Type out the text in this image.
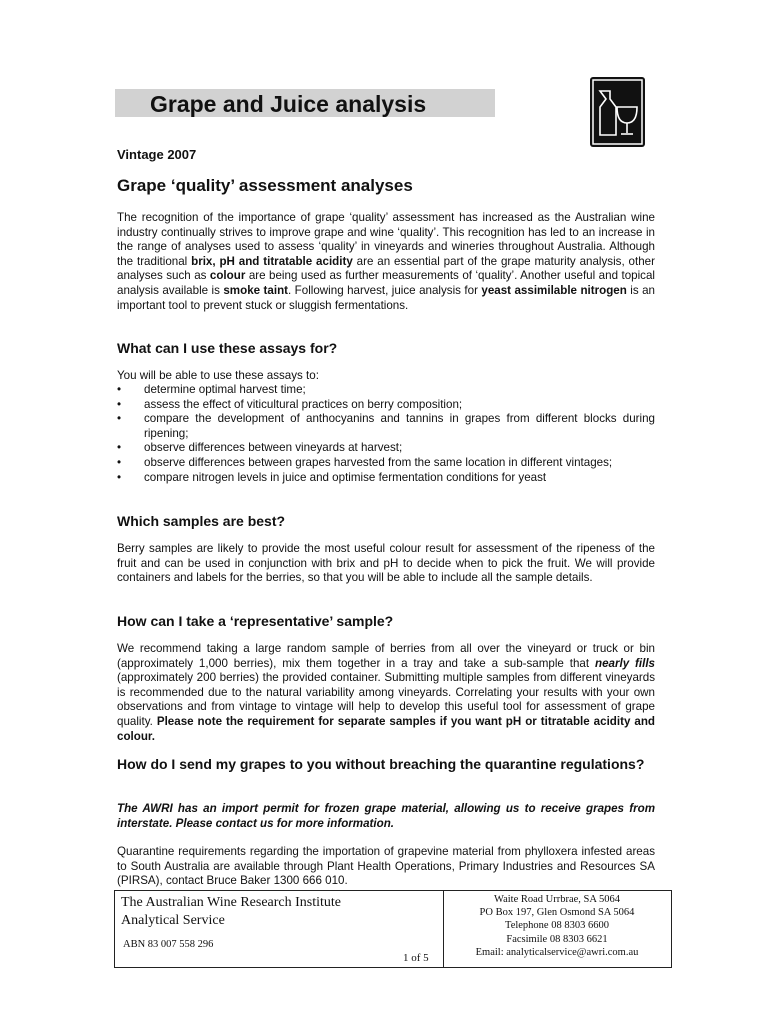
Grape and Juice analysis
Vintage 2007
Grape ‘quality’ assessment analyses

The recognition of the importance of grape ‘quality’ assessment has increased as the Australian wine industry continually strives to improve grape and wine ‘quality’. This recognition has led to an increase in the range of analyses used to assess ‘quality’ in vineyards and wineries throughout Australia. Although the traditional brix, pH and titratable acidity are an essential part of the grape maturity analysis, other analyses such as colour are being used as further measurements of ‘quality’. Another useful and topical analysis available is smoke taint. Following harvest, juice analysis for yeast assimilable nitrogen is an important tool to prevent stuck or sluggish fermentations.

What can I use these assays for?

You will be able to use these assays to:

• determine optimal harvest time;
• assess the effect of viticultural practices on berry composition;
• compare the development of anthocyanins and tannins in grapes from different blocks during ripening;
• observe differences between vineyards at harvest;
• observe differences between grapes harvested from the same location in different vintages;
• compare nitrogen levels in juice and optimise fermentation conditions for yeast
Which samples are best?

Berry samples are likely to provide the most useful colour result for assessment of the ripeness of the fruit and can be used in conjunction with brix and pH to decide when to pick the fruit. We will provide containers and labels for the berries, so that you will be able to include all the sample details.

How can I take a ‘representative’ sample?

We recommend taking a large random sample of berries from all over the vineyard or truck or bin (approximately 1,000 berries), mix them together in a tray and take a sub-sample that nearly fills (approximately 200 berries) the provided container. Submitting multiple samples from different vineyards is recommended due to the natural variability among vineyards. Correlating your results with your own observations and from vintage to vintage will help to develop this useful tool for assessment of grape quality. Please note the requirement for separate samples if you want pH or titratable acidity and colour.

How do I send my grapes to you without breaching the quarantine regulations?

The AWRI has an import permit for frozen grape material, allowing us to receive grapes from interstate. Please contact us for more information.

Quarantine requirements regarding the importation of grapevine material from phylloxera infested areas to South Australia are available through Plant Health Operations, Primary Industries and Resources SA (PIRSA), contact Bruce Baker 1300 666 010.

The Australian Wine Research Institute
Analytical Service
ABN 83 007 558 296
1 of 5
Waite Road Urrbrae, SA 5064
PO Box 197, Glen Osmond SA 5064
Telephone 08 8303 6600
Facsimile 08 8303 6621
Email: analyticalservice@awri.com.au
